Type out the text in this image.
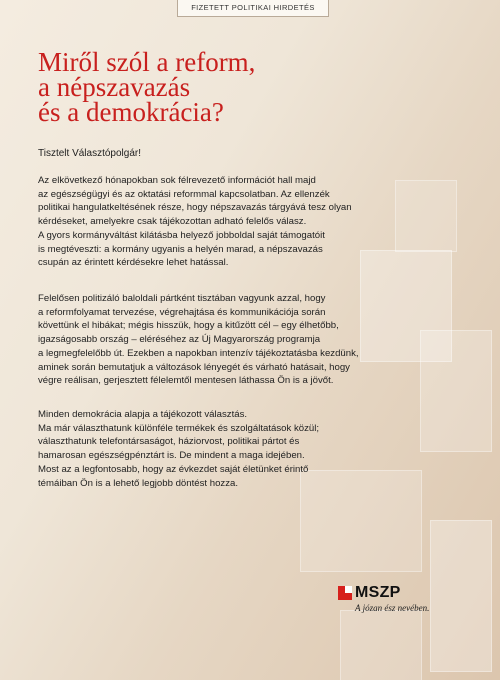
FIZETETT POLITIKAI HIRDETÉS
Miről szól a reform,
a népszavazás
és a demokrácia?

Tisztelt Választópolgár!

Az elkövetkező hónapokban sok félrevezető információt hall majd
az egészségügyi és az oktatási reformmal kapcsolatban. Az ellenzék
politikai hangulatkeltésének része, hogy népszavazás tárgyává tesz olyan
kérdéseket, amelyekre csak tájékozottan adható felelős válasz.
A gyors kormányváltást kilátásba helyező jobboldal saját támogatóit
is megtéveszti: a kormány ugyanis a helyén marad, a népszavazás
csupán az érintett kérdésekre lehet hatással.

Felelősen politizáló baloldali pártként tisztában vagyunk azzal, hogy
a reformfolyamat tervezése, végrehajtása és kommunikációja során
követtünk el hibákat; mégis hisszük, hogy a kitűzött cél – egy élhetőbb,
igazságosabb ország – eléréséhez az Új Magyarország programja
a legmegfelelőbb út. Ezekben a napokban intenzív tájékoztatásba kezdünk,
aminek során bemutatjuk a változások lényegét és várható hatásait, hogy
végre reálisan, gerjesztett félelemtől mentesen láthassa Ön is a jövőt.

Minden demokrácia alapja a tájékozott választás.
Ma már választhatunk különféle termékek és szolgáltatások közül;
választhatunk telefontársaságot, háziorvost, politikai pártot és
hamarosan egészségpénztárt is. De mindent a maga idejében.
Most az a legfontosabb, hogy az évkezdet saját életünket érintő
témáiban Ön is a lehető legjobb döntést hozza.

MSZP
A józan ész nevében.
